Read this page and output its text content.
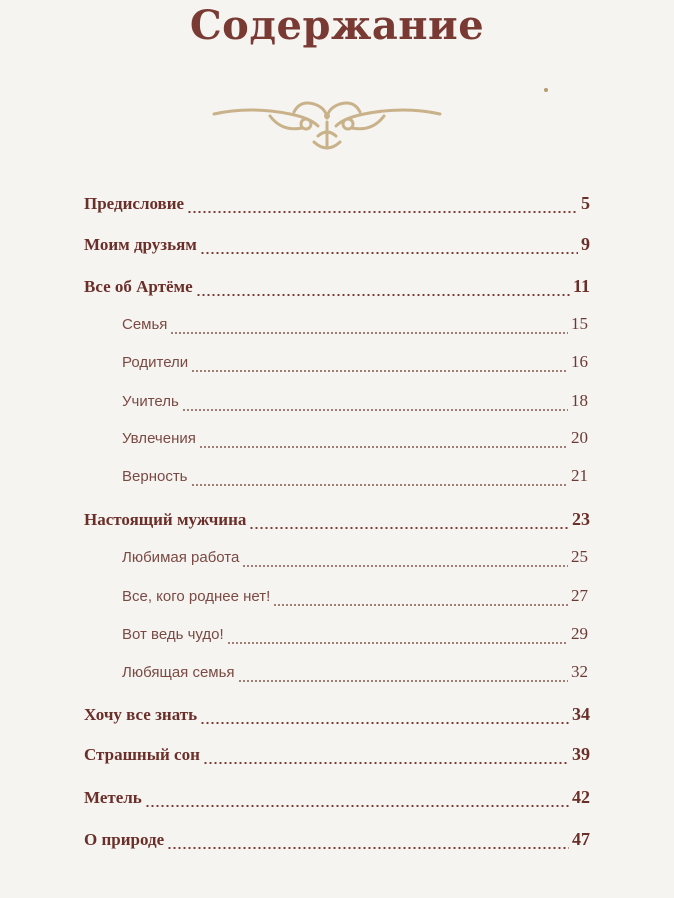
Содержание
Предисловие	5
Моим друзьям	9
Все об Артёме	11
Семья	15
Родители	16
Учитель	18
Увлечения	20
Верность	21
Настоящий мужчина	23
Любимая работа	25
Все, кого роднее нет!	27
Вот ведь чудо!	29
Любящая семья	32
Хочу все знать	34
Страшный сон	39
Метель	42
О природе	47
